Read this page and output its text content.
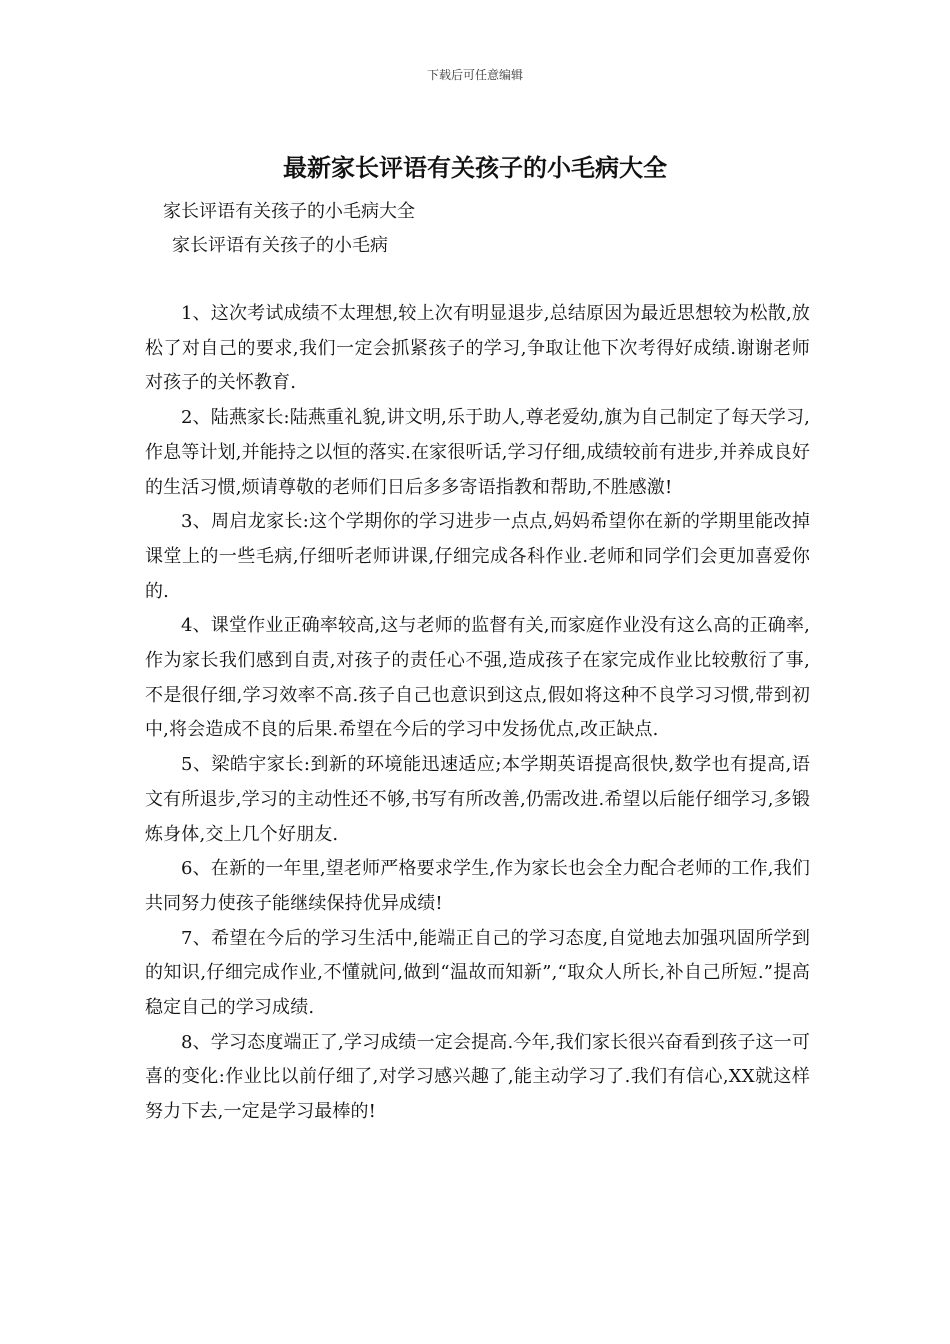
下载后可任意编辑
最新家长评语有关孩子的小毛病大全
家长评语有关孩子的小毛病大全
家长评语有关孩子的小毛病

1、这次考试成绩不太理想,较上次有明显退步,总结原因为最近思想较为松散,放松了对自己的要求,我们一定会抓紧孩子的学习,争取让他下次考得好成绩.谢谢老师对孩子的关怀教育.

2、陆燕家长:陆燕重礼貌,讲文明,乐于助人,尊老爱幼,旗为自己制定了每天学习,作息等计划,并能持之以恒的落实.在家很听话,学习仔细,成绩较前有进步,并养成良好的生活习惯,烦请尊敬的老师们日后多多寄语指教和帮助,不胜感激!

3、周启龙家长:这个学期你的学习进步一点点,妈妈希望你在新的学期里能改掉课堂上的一些毛病,仔细听老师讲课,仔细完成各科作业.老师和同学们会更加喜爱你的.

4、课堂作业正确率较高,这与老师的监督有关,而家庭作业没有这么高的正确率,作为家长我们感到自责,对孩子的责任心不强,造成孩子在家完成作业比较敷衍了事,不是很仔细,学习效率不高.孩子自己也意识到这点,假如将这种不良学习习惯,带到初中,将会造成不良的后果.希望在今后的学习中发扬优点,改正缺点.

5、梁皓宇家长:到新的环境能迅速适应;本学期英语提高很快,数学也有提高,语文有所退步,学习的主动性还不够,书写有所改善,仍需改进.希望以后能仔细学习,多锻炼身体,交上几个好朋友.

6、在新的一年里,望老师严格要求学生,作为家长也会全力配合老师的工作,我们共同努力使孩子能继续保持优异成绩!

7、希望在今后的学习生活中,能端正自己的学习态度,自觉地去加强巩固所学到的知识,仔细完成作业,不懂就问,做到“温故而知新”,“取众人所长,补自己所短.”提高稳定自己的学习成绩.

8、学习态度端正了,学习成绩一定会提高.今年,我们家长很兴奋看到孩子这一可喜的变化:作业比以前仔细了,对学习感兴趣了,能主动学习了.我们有信心,XX就这样努力下去,一定是学习最棒的!
